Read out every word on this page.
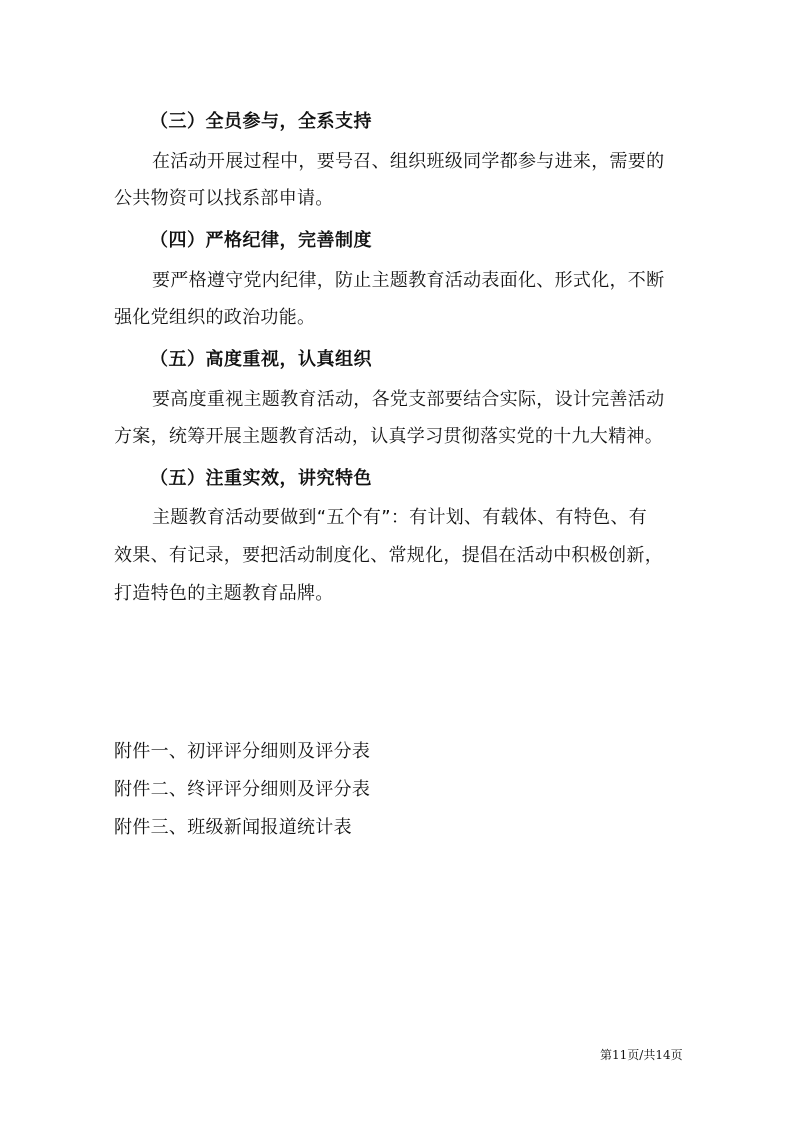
（三）全员参与，全系支持
在活动开展过程中，要号召、组织班级同学都参与进来，需要的
公共物资可以找系部申请。
（四）严格纪律，完善制度
要严格遵守党内纪律，防止主题教育活动表面化、形式化，不断
强化党组织的政治功能。
（五）高度重视，认真组织
要高度重视主题教育活动，各党支部要结合实际，设计完善活动
方案，统筹开展主题教育活动，认真学习贯彻落实党的十九大精神。
（五）注重实效，讲究特色
主题教育活动要做到“五个有”：有计划、有载体、有特色、有
效果、有记录，要把活动制度化、常规化，提倡在活动中积极创新，
打造特色的主题教育品牌。
附件一、初评评分细则及评分表
附件二、终评评分细则及评分表
附件三、班级新闻报道统计表
第11页/共14页
